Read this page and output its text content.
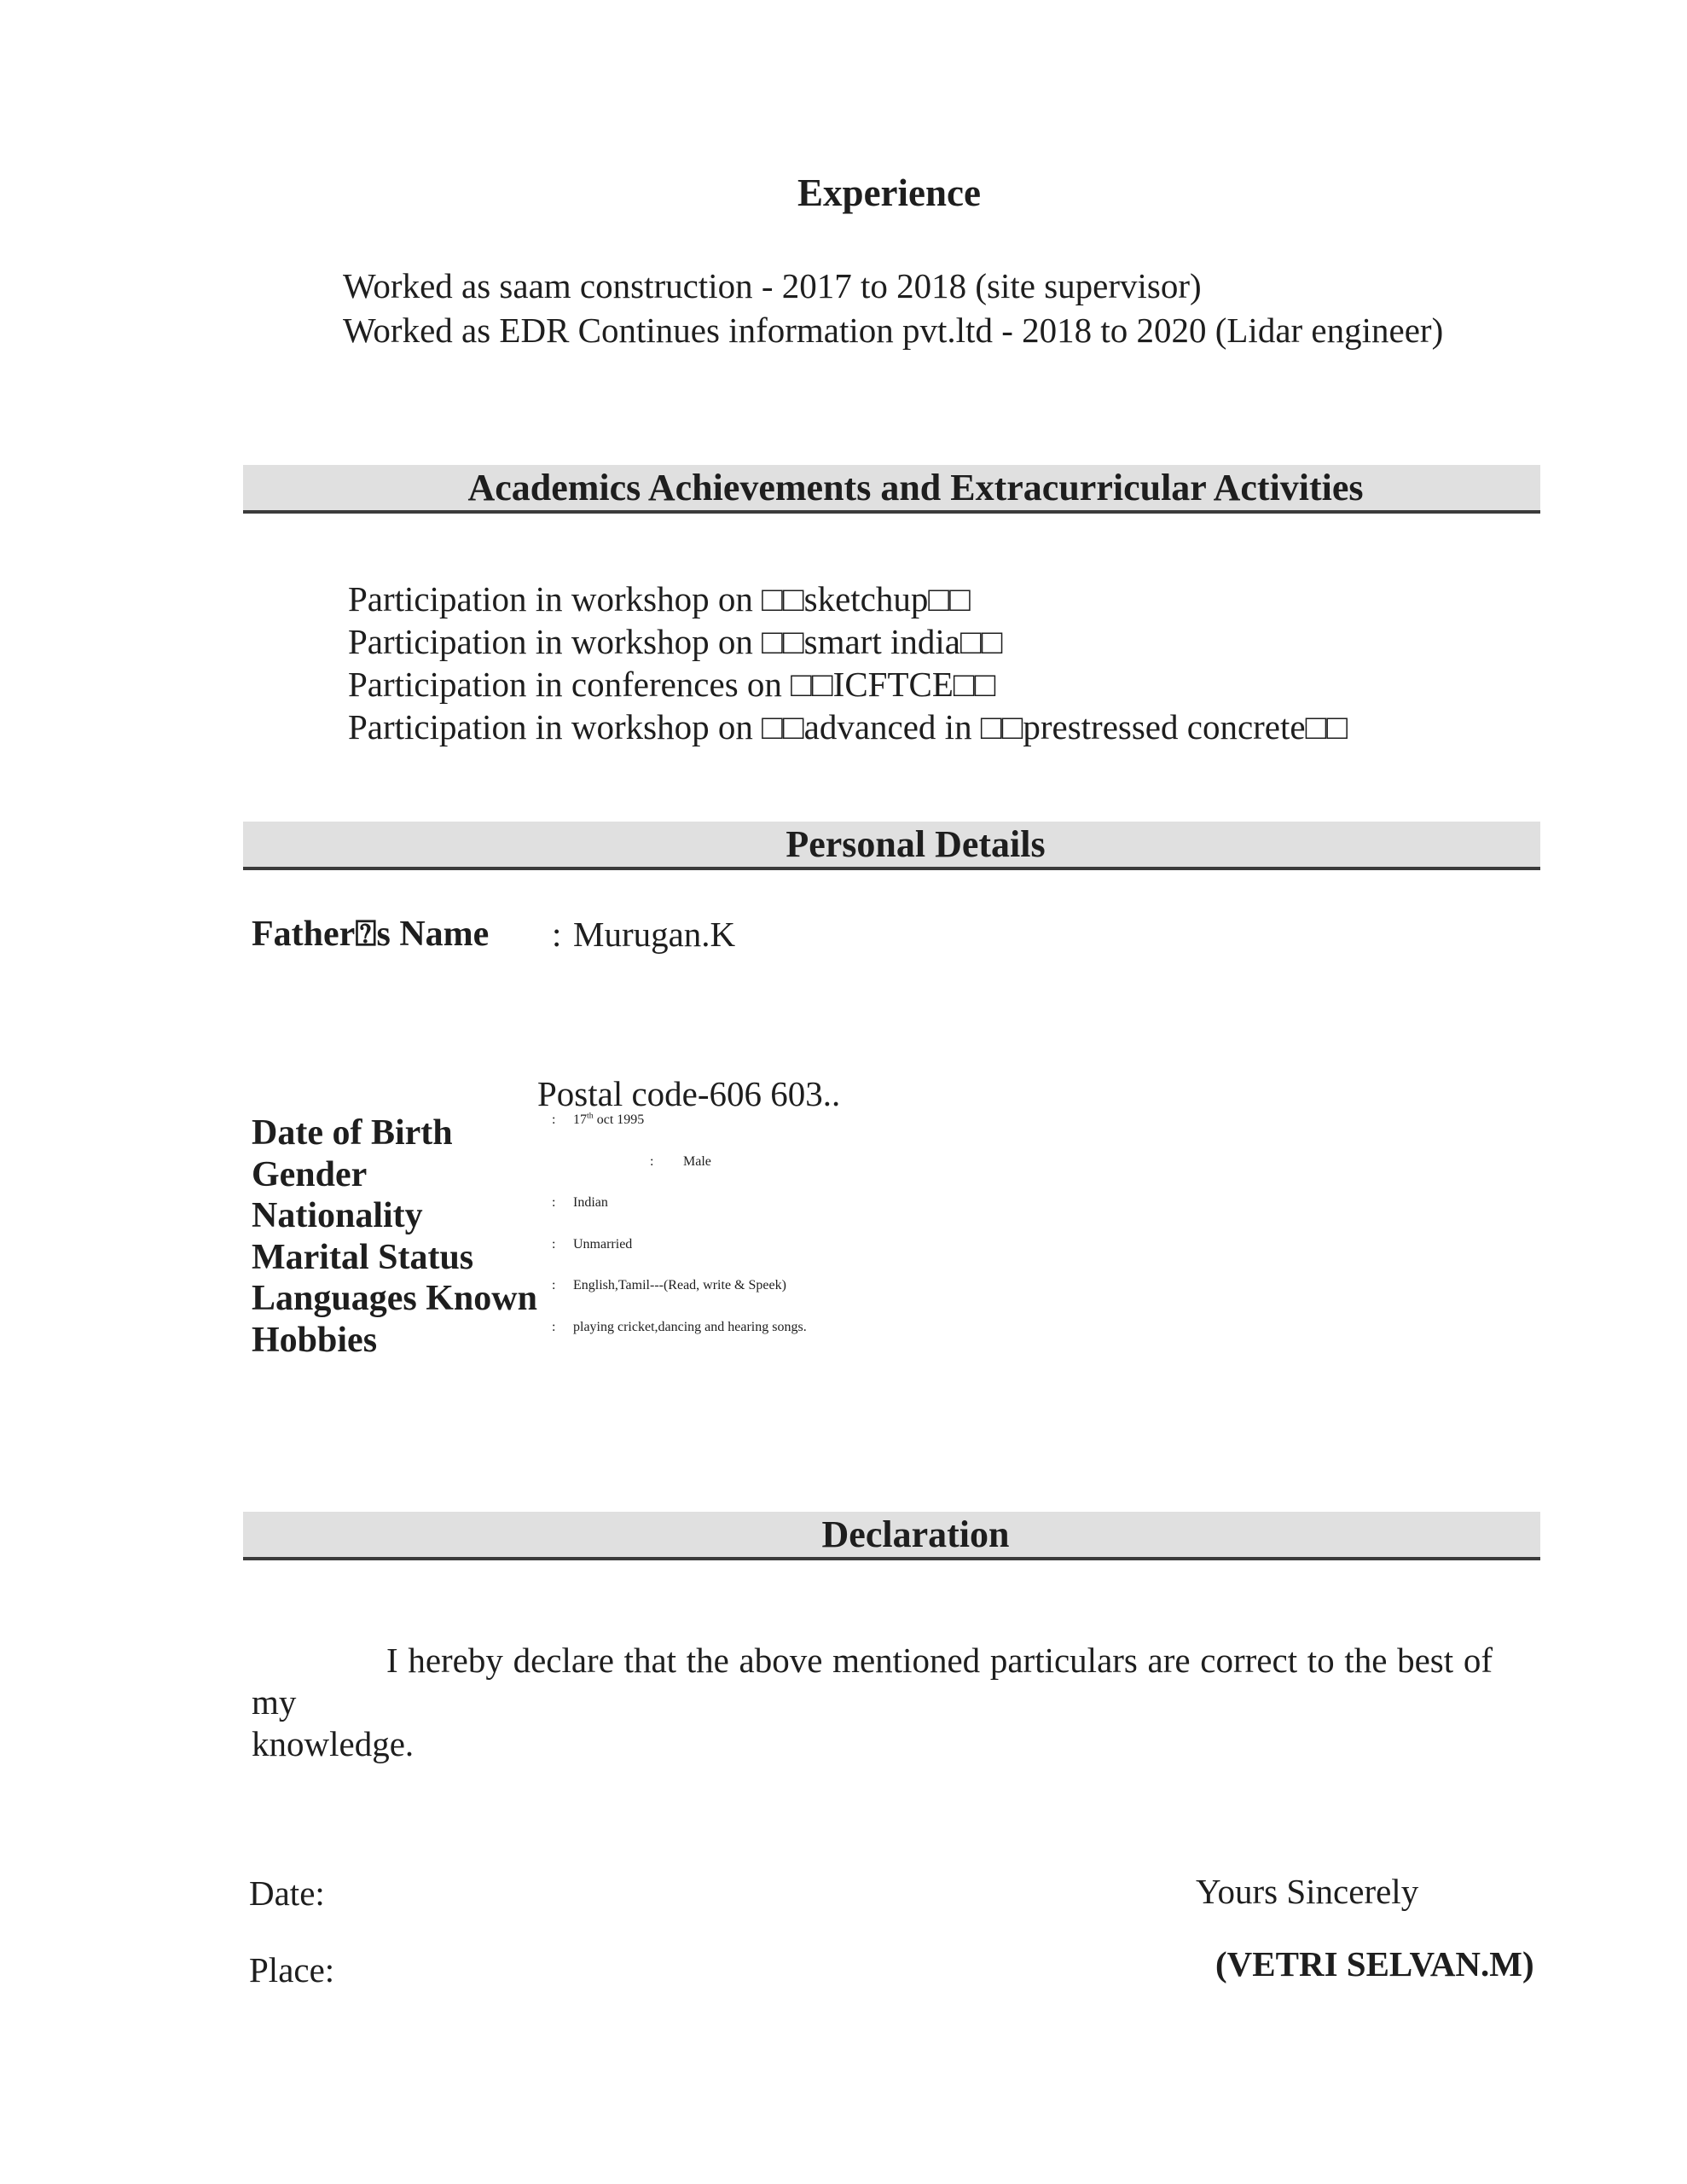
Experience
Worked as saam construction - 2017 to 2018 (site supervisor)
Worked as EDR Continues information pvt.ltd - 2018 to 2020 (Lidar engineer)
Academics Achievements and Extracurricular Activities
Participation in workshop on □□sketchup□□
Participation in workshop on □□smart india□□
Participation in conferences on □□ICFTCE□□
Participation in workshop on □□advanced in □□prestressed concrete□□
Personal Details
Father⍰s Name : Murugan.K
Postal code-606 603..
Date of Birth	: 17th oct 1995
Gender	: Male
Nationality	: Indian
Marital Status	: Unmarried
Languages Known : English,Tamil---(Read, write & Speek)
Hobbies	: playing cricket,dancing and hearing songs.
Declaration
I hereby declare that the above mentioned particulars are correct to the best of my
knowledge.
Date:
Place:
Yours Sincerely
(VETRI SELVAN.M)
